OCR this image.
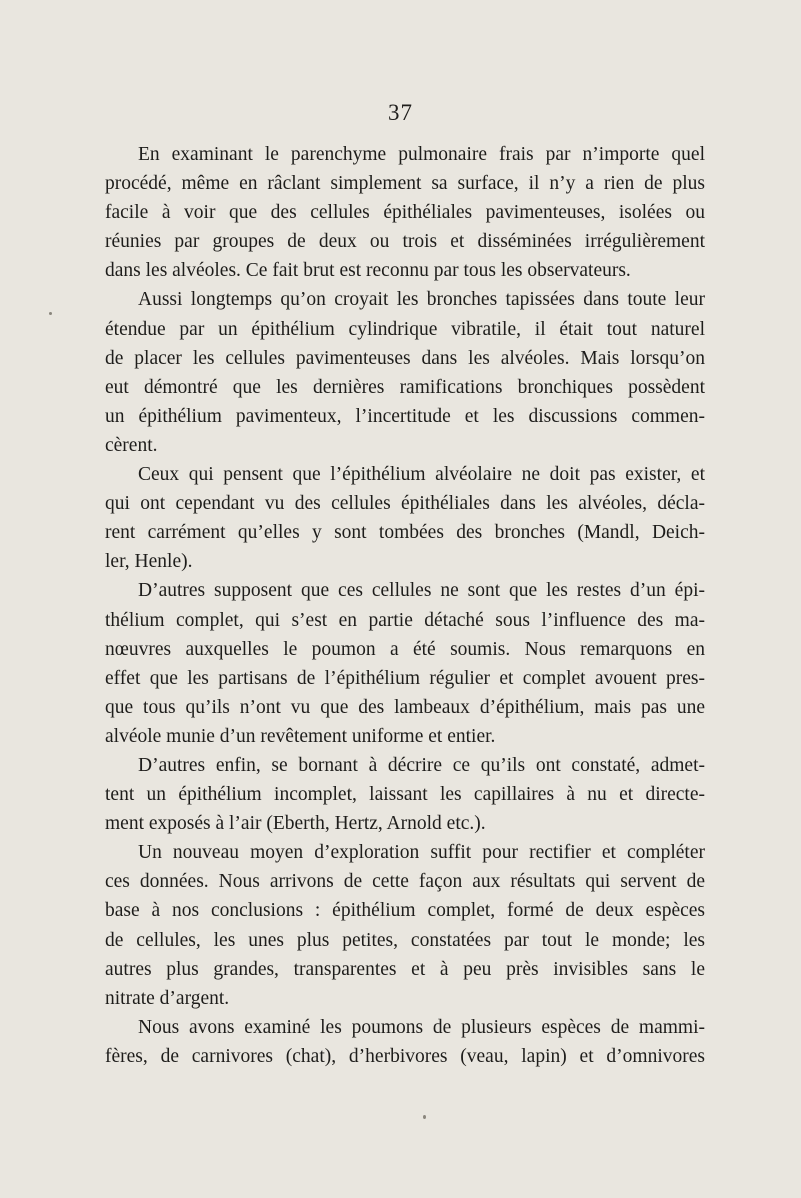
37
En examinant le parenchyme pulmonaire frais par n’importe quel
procédé, même en râclant simplement sa surface, il n’y a rien de plus
facile à voir que des cellules épithéliales pavimenteuses, isolées ou
réunies par groupes de deux ou trois et disséminées irrégulièrement
dans les alvéoles. Ce fait brut est reconnu par tous les observateurs.
Aussi longtemps qu’on croyait les bronches tapissées dans toute leur
étendue par un épithélium cylindrique vibratile, il était tout naturel
de placer les cellules pavimenteuses dans les alvéoles. Mais lorsqu’on
eut démontré que les dernières ramifications bronchiques possèdent
un épithélium pavimenteux, l’incertitude et les discussions commen-
cèrent.
Ceux qui pensent que l’épithélium alvéolaire ne doit pas exister, et
qui ont cependant vu des cellules épithéliales dans les alvéoles, décla-
rent carrément qu’elles y sont tombées des bronches (Mandl, Deich-
ler, Henle).
D’autres supposent que ces cellules ne sont que les restes d’un épi-
thélium complet, qui s’est en partie détaché sous l’influence des ma-
nœuvres auxquelles le poumon a été soumis. Nous remarquons en
effet que les partisans de l’épithélium régulier et complet avouent pres-
que tous qu’ils n’ont vu que des lambeaux d’épithélium, mais pas une
alvéole munie d’un revêtement uniforme et entier.
D’autres enfin, se bornant à décrire ce qu’ils ont constaté, admet-
tent un épithélium incomplet, laissant les capillaires à nu et directe-
ment exposés à l’air (Eberth, Hertz, Arnold etc.).
Un nouveau moyen d’exploration suffit pour rectifier et compléter
ces données. Nous arrivons de cette façon aux résultats qui servent de
base à nos conclusions : épithélium complet, formé de deux espèces
de cellules, les unes plus petites, constatées par tout le monde; les
autres plus grandes, transparentes et à peu près invisibles sans le
nitrate d’argent.
Nous avons examiné les poumons de plusieurs espèces de mammi-
fères, de carnivores (chat), d’herbivores (veau, lapin) et d’omnivores
